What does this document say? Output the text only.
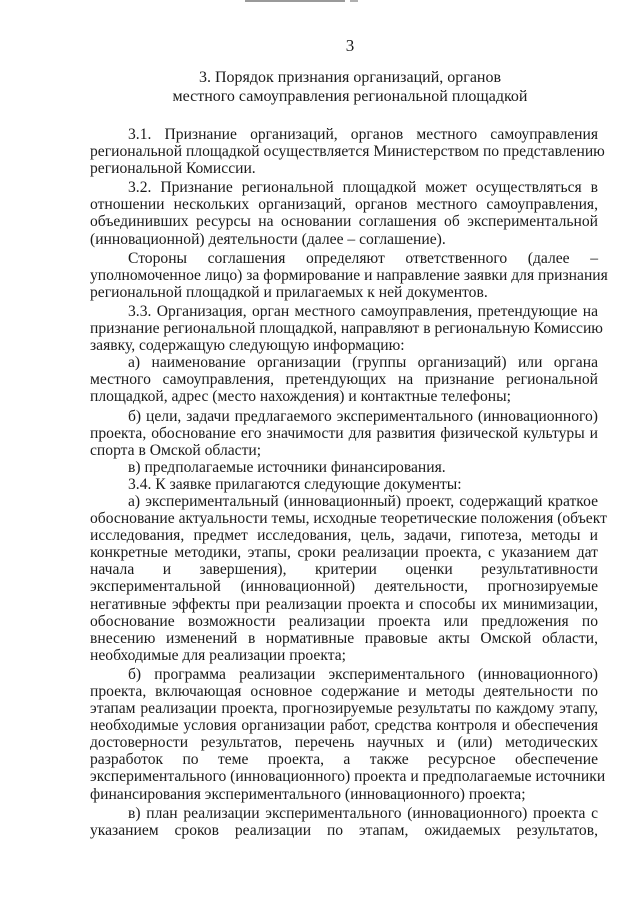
3
3. Порядок признания организаций, органов
местного самоуправления региональной площадкой
3.1. Признание организаций, органов местного самоуправления
региональной площадкой осуществляется Министерством по представлению
региональной Комиссии.
3.2. Признание региональной площадкой может осуществляться в
отношении нескольких организаций, органов местного самоуправления,
объединивших ресурсы на основании соглашения об экспериментальной
(инновационной) деятельности (далее – соглашение).
Стороны соглашения определяют ответственного (далее –
уполномоченное лицо) за формирование и направление заявки для признания
региональной площадкой и прилагаемых к ней документов.
3.3. Организация, орган местного самоуправления, претендующие на
признание региональной площадкой, направляют в региональную Комиссию
заявку, содержащую следующую информацию:
а) наименование организации (группы организаций) или органа
местного самоуправления, претендующих на признание региональной
площадкой, адрес (место нахождения) и контактные телефоны;
б) цели, задачи предлагаемого экспериментального (инновационного)
проекта, обоснование его значимости для развития физической культуры и
спорта в Омской области;
в) предполагаемые источники финансирования.
3.4. К заявке прилагаются следующие документы:
а) экспериментальный (инновационный) проект, содержащий краткое
обоснование актуальности темы, исходные теоретические положения (объект
исследования, предмет исследования, цель, задачи, гипотеза, методы и
конкретные методики, этапы, сроки реализации проекта, с указанием дат
начала и завершения), критерии оценки результативности
экспериментальной (инновационной) деятельности, прогнозируемые
негативные эффекты при реализации проекта и способы их минимизации,
обоснование возможности реализации проекта или предложения по
внесению изменений в нормативные правовые акты Омской области,
необходимые для реализации проекта;
б) программа реализации экспериментального (инновационного)
проекта, включающая основное содержание и методы деятельности по
этапам реализации проекта, прогнозируемые результаты по каждому этапу,
необходимые условия организации работ, средства контроля и обеспечения
достоверности результатов, перечень научных и (или) методических
разработок по теме проекта, а также ресурсное обеспечение
экспериментального (инновационного) проекта и предполагаемые источники
финансирования экспериментального (инновационного) проекта;
в) план реализации экспериментального (инновационного) проекта с
указанием сроков реализации по этапам, ожидаемых результатов,
